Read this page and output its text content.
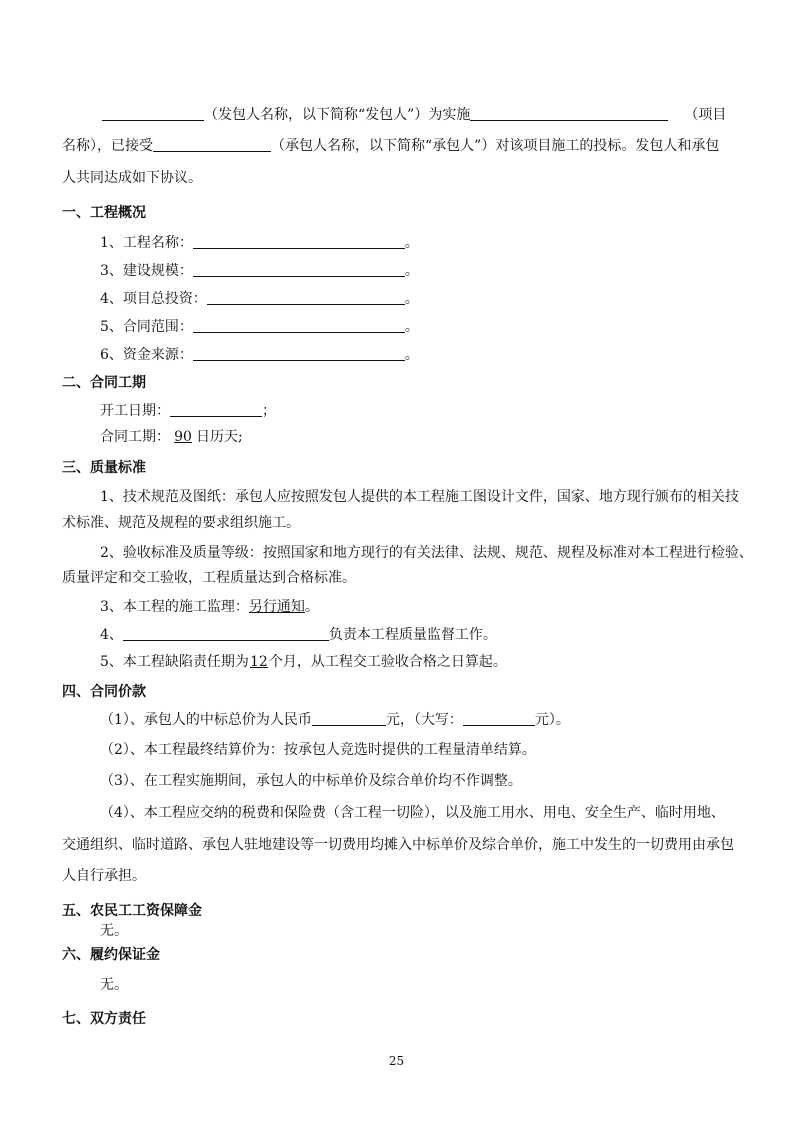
（发包人名称，以下简称“发包人”）为实施	（项目
名称），已接受	（承包人名称，以下简称“承包人”）对该项目施工的投标。发包人和承包
人共同达成如下协议。
一、工程概况
1、工程名称：	。
3、建设规模：	。
4、项目总投资：	。
5、合同范围：	。
6、资金来源：	。
二、合同工期
开工日期：	；
合同工期： 90 日历天;
三、质量标准
1、技术规范及图纸：承包人应按照发包人提供的本工程施工图设计文件，国家、地方现行颁布的相关技
术标准、规范及规程的要求组织施工。
2、验收标准及质量等级：按照国家和地方现行的有关法律、法规、规范、规程及标准对本工程进行检验、
质量评定和交工验收，工程质量达到合格标准。
3、本工程的施工监理：另行通知。
4、	负责本工程质量监督工作。
5、本工程缺陷责任期为12个月，从工程交工验收合格之日算起。
四、合同价款
（1）、承包人的中标总价为人民币	元，（大写：	元）。
（2）、本工程最终结算价为：按承包人竞选时提供的工程量清单结算。
（3）、在工程实施期间，承包人的中标单价及综合单价均不作调整。
（4）、本工程应交纳的税费和保险费（含工程一切险），以及施工用水、用电、安全生产、临时用地、
交通组织、临时道路、承包人驻地建设等一切费用均摊入中标单价及综合单价，施工中发生的一切费用由承包
人自行承担。
五、农民工工资保障金
无。
六、履约保证金
无。
七、双方责任
25
